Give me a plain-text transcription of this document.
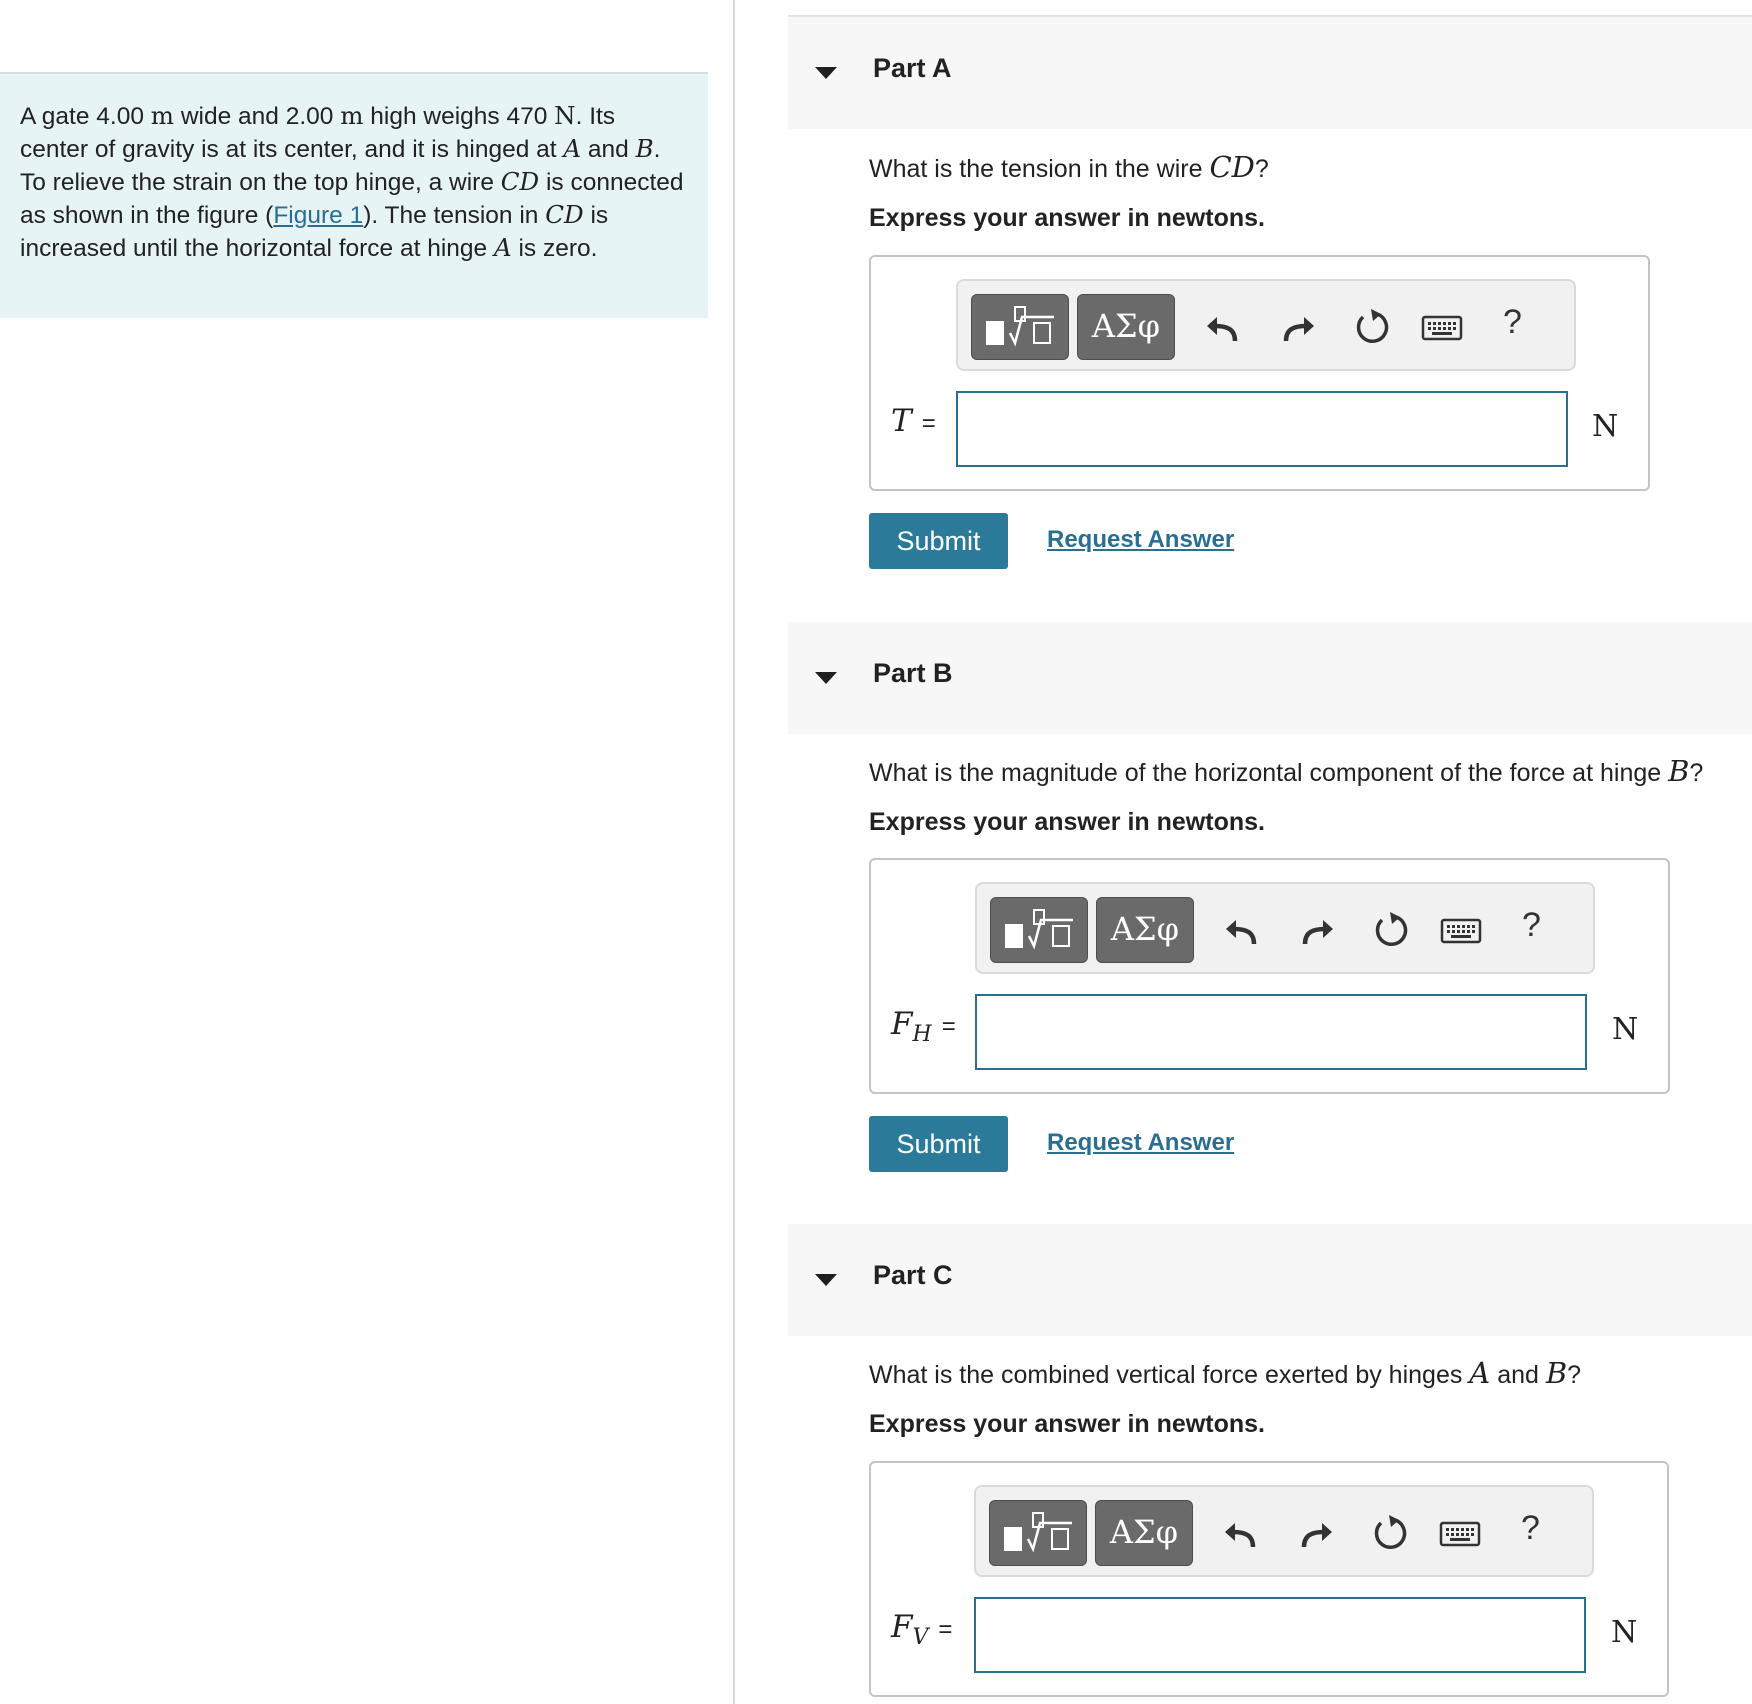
A gate 4.00 m wide and 2.00 m high weighs 470 N. Its center of gravity is at its center, and it is hinged at A and B. To relieve the strain on the top hinge, a wire CD is connected as shown in the figure (Figure 1). The tension in CD is increased until the horizontal force at hinge A is zero.
Part A
What is the tension in the wire CD?
Express your answer in newtons.
ΑΣφ	?
T =	N
Submit	Request Answer
Part B
What is the magnitude of the horizontal component of the force at hinge B?
Express your answer in newtons.
ΑΣφ	?
$F_H$ =	N
Submit	Request Answer
Part C
What is the combined vertical force exerted by hinges A and B?
Express your answer in newtons.
ΑΣφ	?
$F_V$ =	N
